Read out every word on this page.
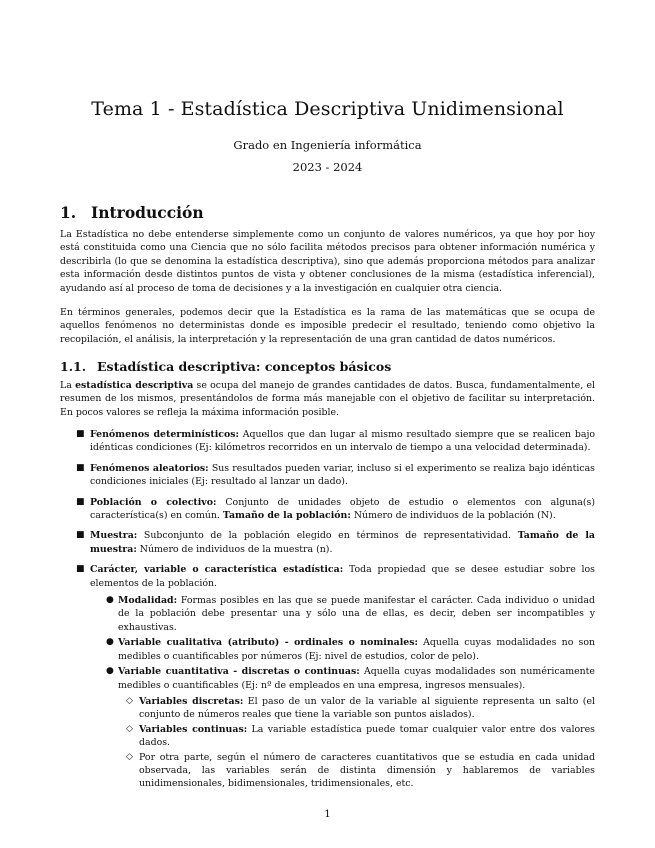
Tema 1 - Estadística Descriptiva Unidimensional
Grado en Ingeniería informática
2023 - 2024
1. Introducción

La Estadística no debe entenderse simplemente como un conjunto de valores numéricos, ya que hoy por hoy está constituida como una Ciencia que no sólo facilita métodos precisos para obtener información numérica y describirla (lo que se denomina la estadística descriptiva), sino que además proporciona métodos para analizar esta información desde distintos puntos de vista y obtener conclusiones de la misma (estadística inferencial), ayudando así al proceso de toma de decisiones y a la investigación en cualquier otra ciencia.

En términos generales, podemos decir que la Estadística es la rama de las matemáticas que se ocupa de aquellos fenómenos no deterministas donde es imposible predecir el resultado, teniendo como objetivo la recopilación, el análisis, la interpretación y la representación de una gran cantidad de datos numéricos.

1.1. Estadística descriptiva: conceptos básicos

La estadística descriptiva se ocupa del manejo de grandes cantidades de datos. Busca, fundamentalmente, el resumen de los mismos, presentándolos de forma más manejable con el objetivo de facilitar su interpretación. En pocos valores se refleja la máxima información posible.

■ Fenómenos determinísticos: Aquellos que dan lugar al mismo resultado siempre que se realicen bajo idénticas condiciones (Ej: kilómetros recorridos en un intervalo de tiempo a una velocidad determinada).
■ Fenómenos aleatorios: Sus resultados pueden variar, incluso si el experimento se realiza bajo idénticas condiciones iniciales (Ej: resultado al lanzar un dado).
■ Población o colectivo: Conjunto de unidades objeto de estudio o elementos con alguna(s) característica(s) en común. Tamaño de la población: Número de individuos de la población (N).
■ Muestra: Subconjunto de la población elegido en términos de representatividad. Tamaño de la muestra: Número de individuos de la muestra (n).
■ Carácter, variable o característica estadística: Toda propiedad que se desee estudiar sobre los elementos de la población.
● Modalidad: Formas posibles en las que se puede manifestar el carácter. Cada individuo o unidad de la población debe presentar una y sólo una de ellas, es decir, deben ser incompatibles y exhaustivas.
● Variable cualitativa (atributo) - ordinales o nominales: Aquella cuyas modalidades no son medibles o cuantificables por números (Ej: nivel de estudios, color de pelo).
● Variable cuantitativa - discretas o continuas: Aquella cuyas modalidades son numéricamente medibles o cuantificables (Ej: nº de empleados en una empresa, ingresos mensuales).
◇ Variables discretas: El paso de un valor de la variable al siguiente representa un salto (el conjunto de números reales que tiene la variable son puntos aislados).
◇ Variables continuas: La variable estadística puede tomar cualquier valor entre dos valores dados.
◇ Por otra parte, según el número de caracteres cuantitativos que se estudia en cada unidad observada, las variables serán de distinta dimensión y hablaremos de variables unidimensionales, bidimensionales, tridimensionales, etc.
1
